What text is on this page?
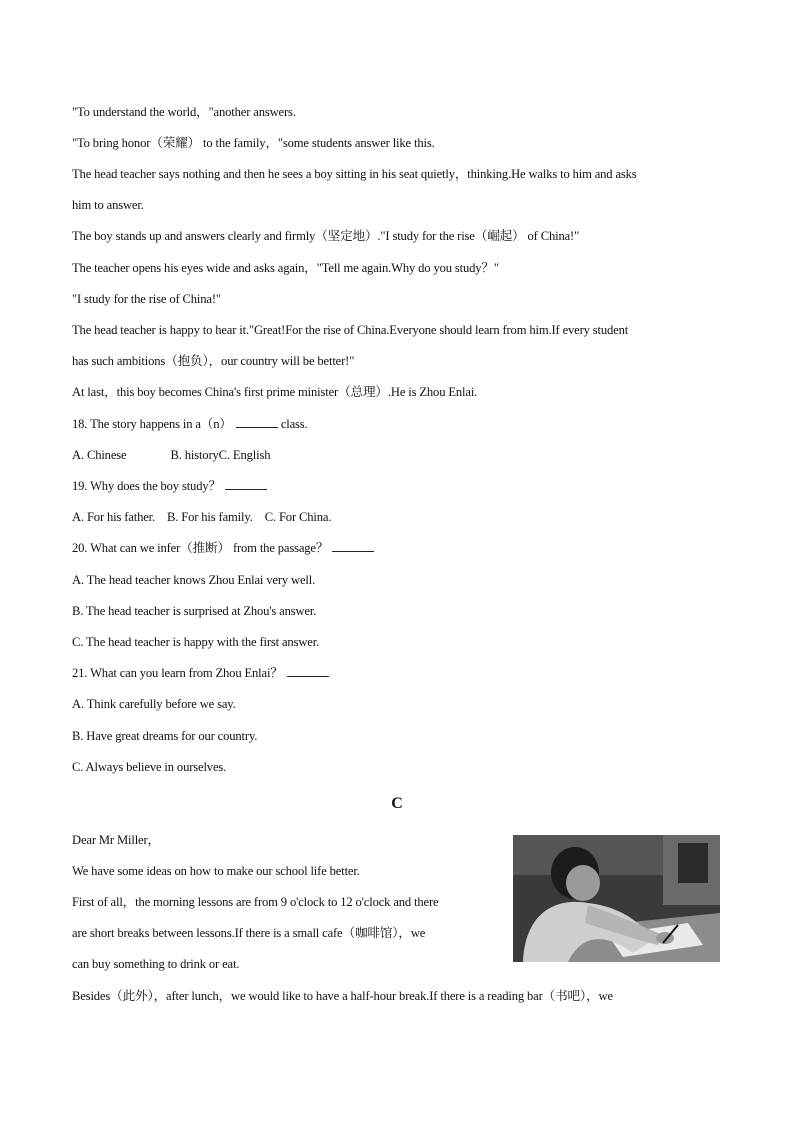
"To understand the world，"another answers.
"To bring honor（荣耀） to the family，"some students answer like this.
The head teacher says nothing and then he sees a boy sitting in his seat quietly，thinking.He walks to him and asks
him to answer.
The boy stands up and answers clearly and firmly（坚定地）."I study for the rise（崛起） of China!"
The teacher opens his eyes wide and asks again，"Tell me again.Why do you study？"
"I study for the rise of China!"
The head teacher is happy to hear it."Great!For the rise of China.Everyone should learn from him.If every student
has such ambitions（抱负），our country will be better!"
At last，this boy becomes China's first prime minister（总理）.He is Zhou Enlai.
18. The story happens in a（n）	class.
A. Chinese	B. historyC. English
19. Why does the boy study？
A. For his father. B. For his family. C. For China.
20. What can we infer（推断） from the passage？
A. The head teacher knows Zhou Enlai very well.
B. The head teacher is surprised at Zhou's answer.
C. The head teacher is happy with the first answer.
21. What can you learn from Zhou Enlai？
A. Think carefully before we say.
B. Have great dreams for our country.
C. Always believe in ourselves.
C
Dear Mr Miller，
We have some ideas on how to make our school life better.
First of all，the morning lessons are from 9 o'clock to 12 o'clock and there
are short breaks between lessons.If there is a small cafe（咖啡馆），we
can buy something to drink or eat.
Besides（此外），after lunch，we would like to have a half-hour break.If there is a reading bar（书吧），we
